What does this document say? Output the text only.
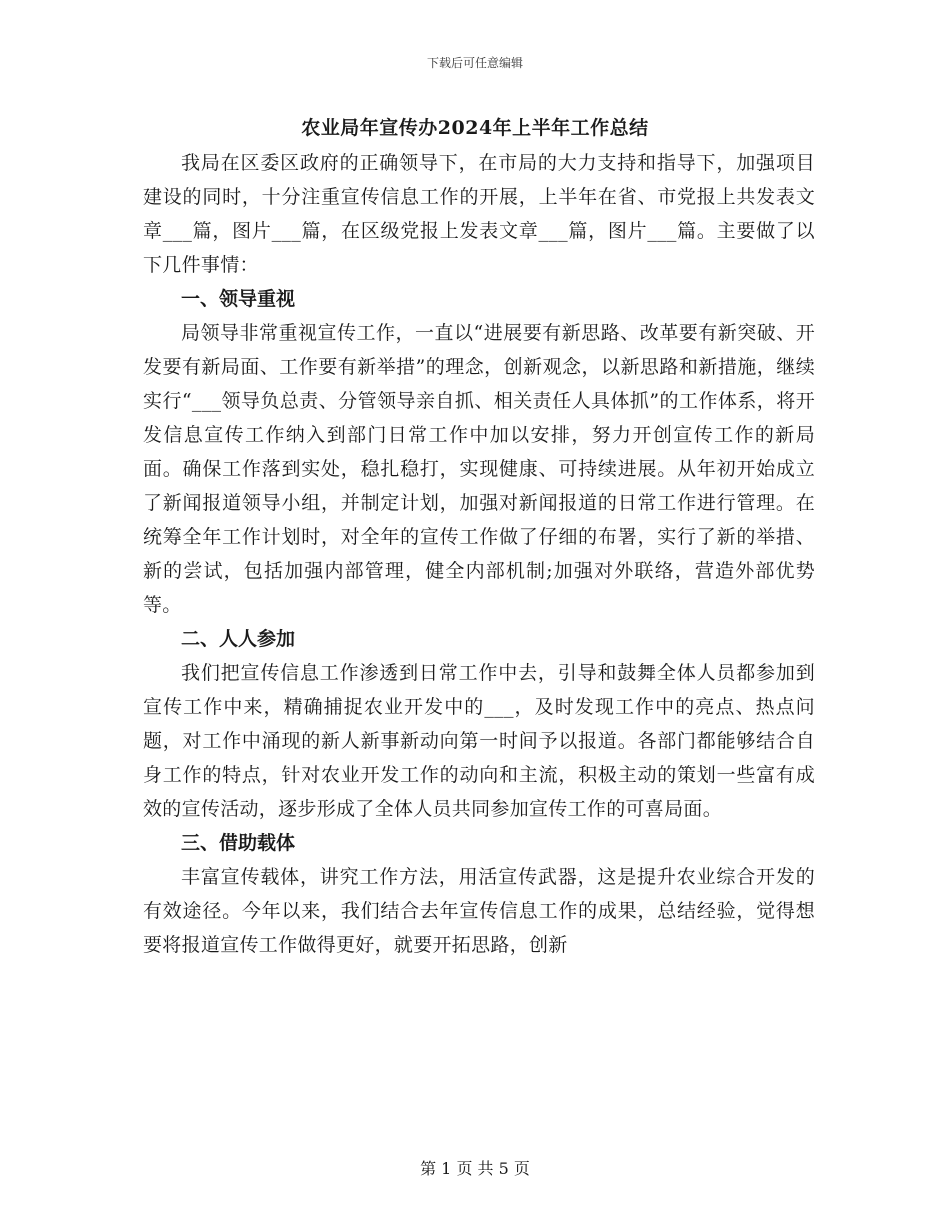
下载后可任意编辑
农业局年宣传办2024年上半年工作总结

我局在区委区政府的正确领导下，在市局的大力支持和指导下，加强项目建设的同时，十分注重宣传信息工作的开展，上半年在省、市党报上共发表文章___篇，图片___篇，在区级党报上发表文章___篇，图片___篇。主要做了以下几件事情：

一、领导重视

局领导非常重视宣传工作，一直以“进展要有新思路、改革要有新突破、开发要有新局面、工作要有新举措”的理念，创新观念，以新思路和新措施，继续实行“___领导负总责、分管领导亲自抓、相关责任人具体抓”的工作体系，将开发信息宣传工作纳入到部门日常工作中加以安排，努力开创宣传工作的新局面。确保工作落到实处，稳扎稳打，实现健康、可持续进展。从年初开始成立了新闻报道领导小组，并制定计划，加强对新闻报道的日常工作进行管理。在统筹全年工作计划时，对全年的宣传工作做了仔细的布署，实行了新的举措、新的尝试，包括加强内部管理，健全内部机制;加强对外联络，营造外部优势等。

二、人人参加

我们把宣传信息工作渗透到日常工作中去，引导和鼓舞全体人员都参加到宣传工作中来，精确捕捉农业开发中的___，及时发现工作中的亮点、热点问题，对工作中涌现的新人新事新动向第一时间予以报道。各部门都能够结合自身工作的特点，针对农业开发工作的动向和主流，积极主动的策划一些富有成效的宣传活动，逐步形成了全体人员共同参加宣传工作的可喜局面。

三、借助载体

丰富宣传载体，讲究工作方法，用活宣传武器，这是提升农业综合开发的有效途径。今年以来，我们结合去年宣传信息工作的成果，总结经验，觉得想要将报道宣传工作做得更好，就要开拓思路，创新

第 1 页 共 5 页
